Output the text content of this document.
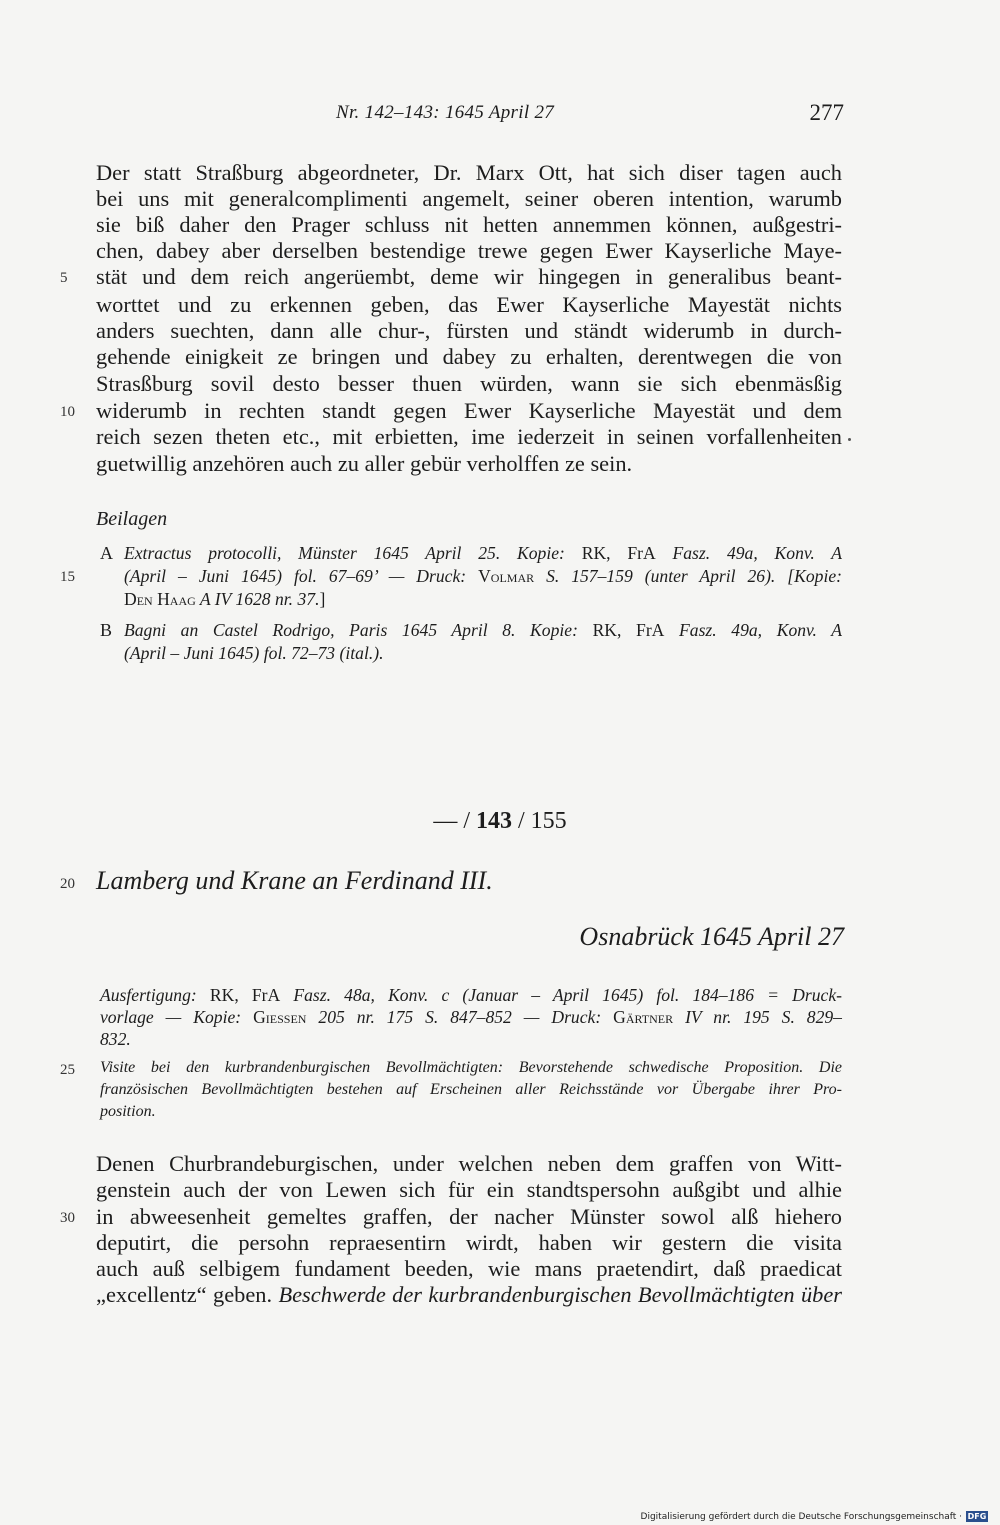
Nr. 142–143: 1645 April 27	277
Der statt Straßburg abgeordneter, Dr. Marx Ott, hat sich diser tagen auch
bei uns mit generalcomplimenti angemelt, seiner oberen intention, warumb
sie biß daher den Prager schluss nit hetten annemmen können, außgestri-
chen, dabey aber derselben bestendige trewe gegen Ewer Kayserliche Maye-
5	stät und dem reich angerüembt, deme wir hingegen in generalibus beant-
worttet und zu erkennen geben, das Ewer Kayserliche Mayestät nichts
anders suechten, dann alle chur-, fürsten und ständt widerumb in durch-
gehende einigkeit ze bringen und dabey zu erhalten, derentwegen die von
Strasßburg sovil desto besser thuen würden, wann sie sich ebenmäsßig
10 widerumb in rechten standt gegen Ewer Kayserliche Mayestät und dem
reich sezen theten etc., mit erbietten, ime iederzeit in seinen vorfallenheiten
guetwillig anzehören auch zu aller gebür verholffen ze sein.
Beilagen
A Extractus protocolli, Münster 1645 April 25. Kopie: RK, FrA Fasz. 49a, Konv. A
15	(April – Juni 1645) fol. 67–69’ — Druck: Volmar S. 157–159 (unter April 26). [Kopie:
Den Haag A IV 1628 nr. 37.]
B Bagni an Castel Rodrigo, Paris 1645 April 8. Kopie: RK, FrA Fasz. 49a, Konv. A
(April – Juni 1645) fol. 72–73 (ital.).
— / 143 / 155
20 Lamberg und Krane an Ferdinand III.
Osnabrück 1645 April 27
Ausfertigung: RK, FrA Fasz. 48a, Konv. c (Januar – April 1645) fol. 184–186 = Druck-
vorlage — Kopie: Giessen 205 nr. 175 S. 847–852 — Druck: Gärtner IV nr. 195 S. 829–
832.
25	Visite bei den kurbrandenburgischen Bevollmächtigten: Bevorstehende schwedische Proposition. Die
französischen Bevollmächtigten bestehen auf Erscheinen aller Reichsstände vor Übergabe ihrer Pro-
position.
Denen Churbrandeburgischen, under welchen neben dem graffen von Witt-
genstein auch der von Lewen sich für ein standtspersohn außgibt und alhie
30 in abweesenheit gemeltes graffen, der nacher Münster sowol alß hiehero
deputirt, die persohn repraesentirn wirdt, haben wir gestern die visita
auch auß selbigem fundament beeden, wie mans praetendirt, daß praedicat
„excellentz“ geben. Beschwerde der kurbrandenburgischen Bevollmächtigten über
Digitalisierung gefördert durch die Deutsche Forschungsgemeinschaft · DFG
